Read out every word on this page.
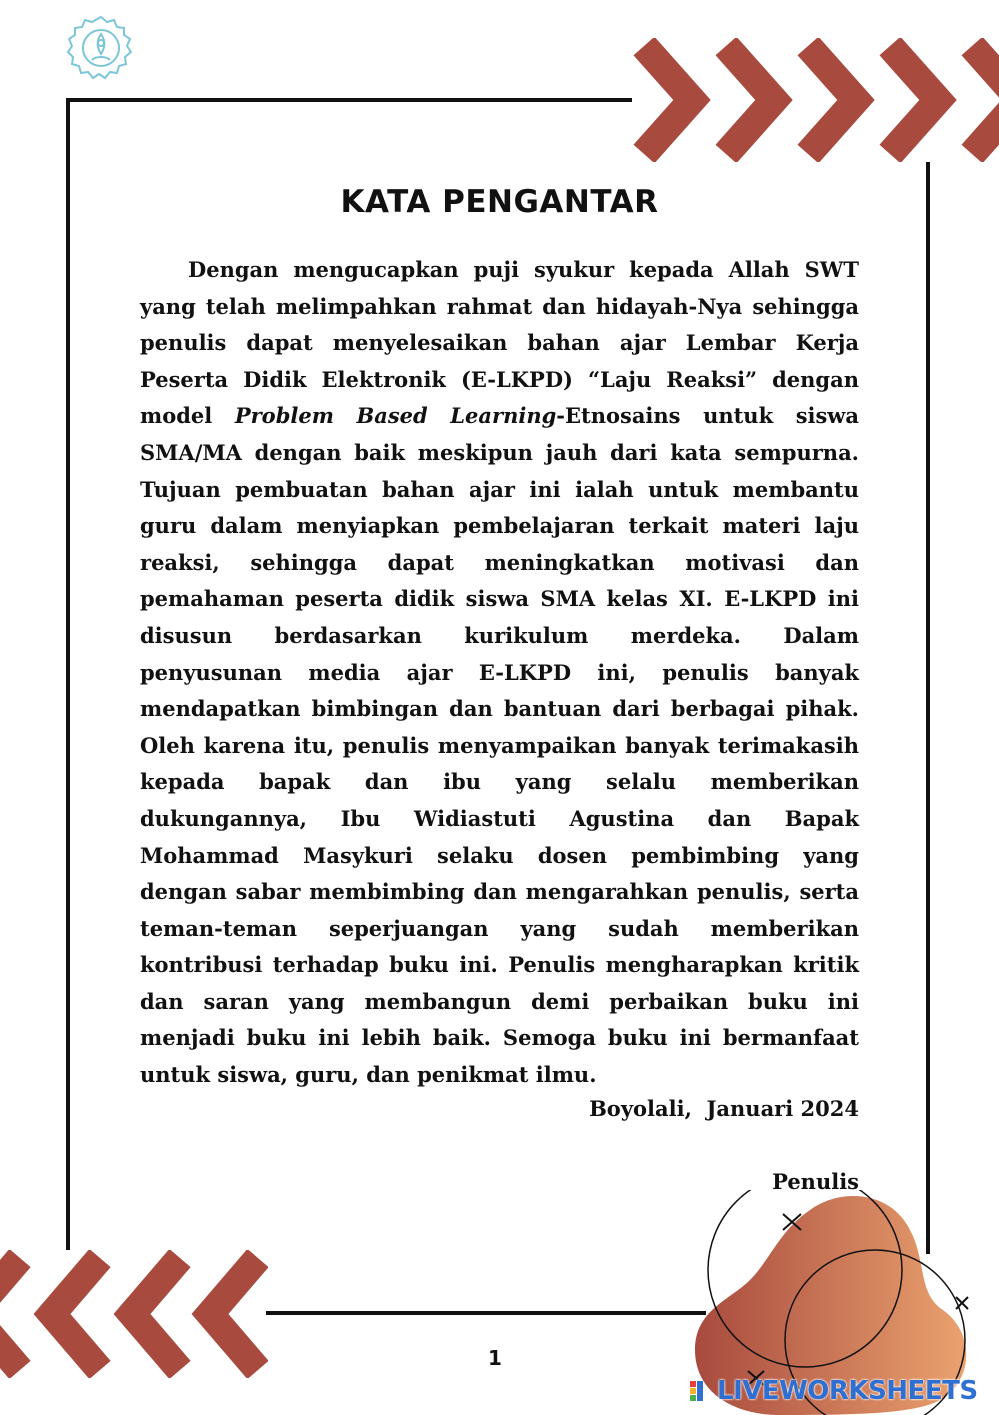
KATA PENGANTAR

Dengan mengucapkan puji syukur kepada Allah SWT yang telah melimpahkan rahmat dan hidayah-Nya sehingga penulis dapat menyelesaikan bahan ajar Lembar Kerja Peserta Didik Elektronik (E-LKPD) “Laju Reaksi” dengan model Problem Based Learning-Etnosains untuk siswa SMA/MA dengan baik meskipun jauh dari kata sempurna. Tujuan pembuatan bahan ajar ini ialah untuk membantu guru dalam menyiapkan pembelajaran terkait materi laju reaksi, sehingga dapat meningkatkan motivasi dan pemahaman peserta didik siswa SMA kelas XI. E-LKPD ini disusun berdasarkan kurikulum merdeka. Dalam penyusunan media ajar E-LKPD ini, penulis banyak mendapatkan bimbingan dan bantuan dari berbagai pihak. Oleh karena itu, penulis menyampaikan banyak terimakasih kepada bapak dan ibu yang selalu memberikan dukungannya, Ibu Widiastuti Agustina dan Bapak Mohammad Masykuri selaku dosen pembimbing yang dengan sabar membimbing dan mengarahkan penulis, serta teman-teman seperjuangan yang sudah memberikan kontribusi terhadap buku ini. Penulis mengharapkan kritik dan saran yang membangun demi perbaikan buku ini menjadi buku ini lebih baik. Semoga buku ini bermanfaat untuk siswa, guru, dan penikmat ilmu.

Boyolali,  Januari 2024
Penulis
1
LIVEWORKSHEETS
